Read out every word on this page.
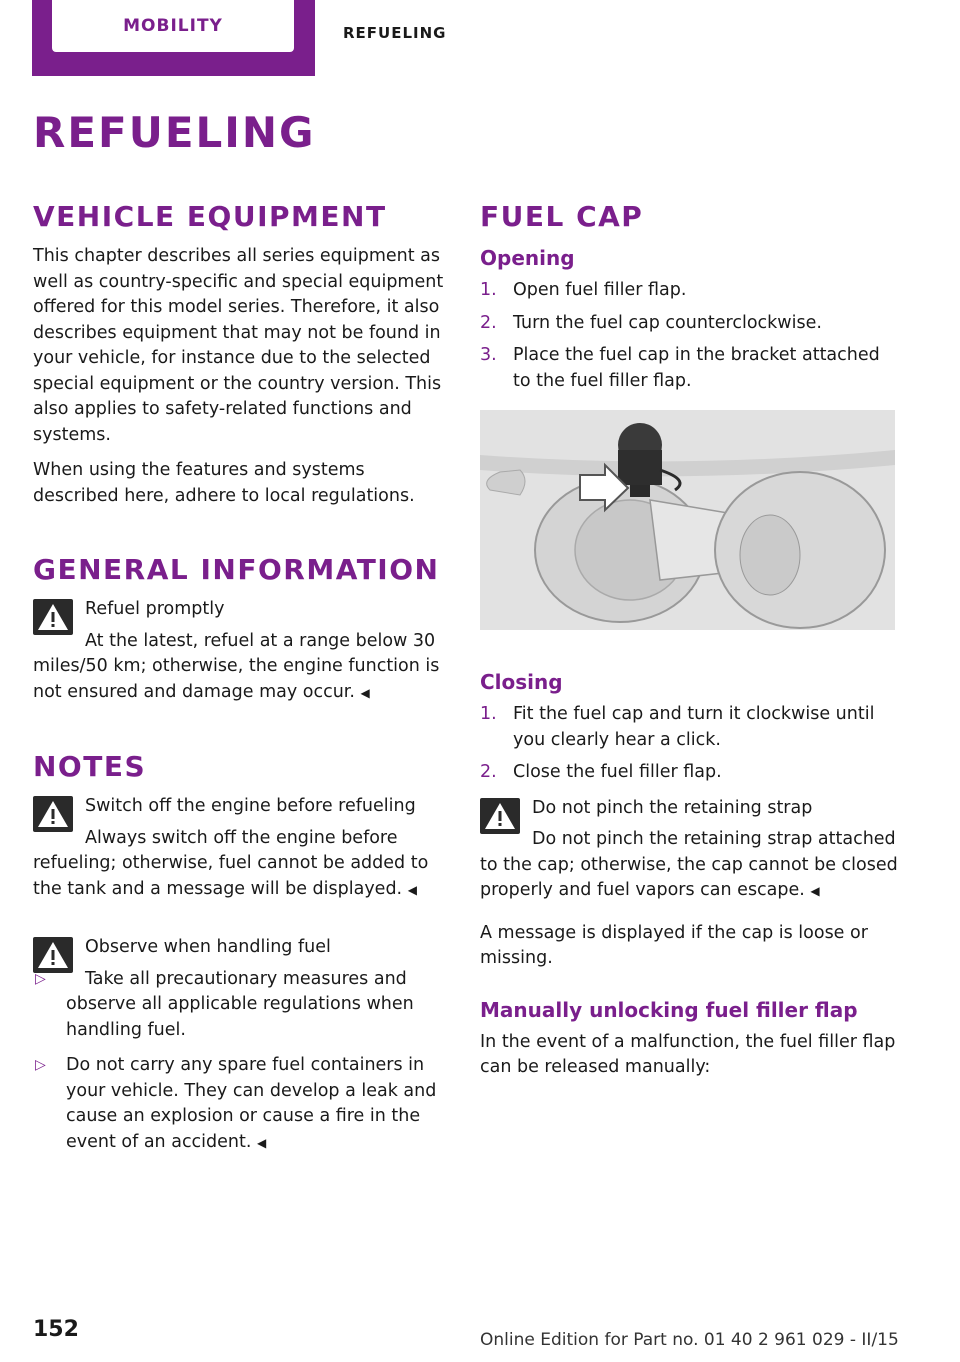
MOBILITY	REFUELING
REFUELING
VEHICLE EQUIPMENT

This chapter describes all series equipment as well as country-specific and special equipment offered for this model series. Therefore, it also describes equipment that may not be found in your vehicle, for instance due to the selected special equipment or the country version. This also applies to safety-related functions and systems.

When using the features and systems described here, adhere to local regulations.

GENERAL INFORMATION
Refuel promptly

At the latest, refuel at a range below 30 miles/50 km; otherwise, the engine function is not ensured and damage may occur. ◀

NOTES
Switch off the engine before refueling

Always switch off the engine before refueling; otherwise, fuel cannot be added to the tank and a message will be displayed. ◀

Observe when handling fuel
▷ Take all precautionary measures and observe all applicable regulations when handling fuel.
▷ Do not carry any spare fuel containers in your vehicle. They can develop a leak and cause an explosion or cause a fire in the event of an accident. ◀
FUEL CAP
Opening
1. Open fuel filler flap.
2. Turn the fuel cap counterclockwise.
3. Place the fuel cap in the bracket attached to the fuel filler flap.
Closing
1. Fit the fuel cap and turn it clockwise until you clearly hear a click.
2. Close the fuel filler flap.
Do not pinch the retaining strap

Do not pinch the retaining strap attached to the cap; otherwise, the cap cannot be closed properly and fuel vapors can escape. ◀

A message is displayed if the cap is loose or missing.

Manually unlocking fuel filler flap

In the event of a malfunction, the fuel filler flap can be released manually:

152	Online Edition for Part no. 01 40 2 961 029 - II/15
